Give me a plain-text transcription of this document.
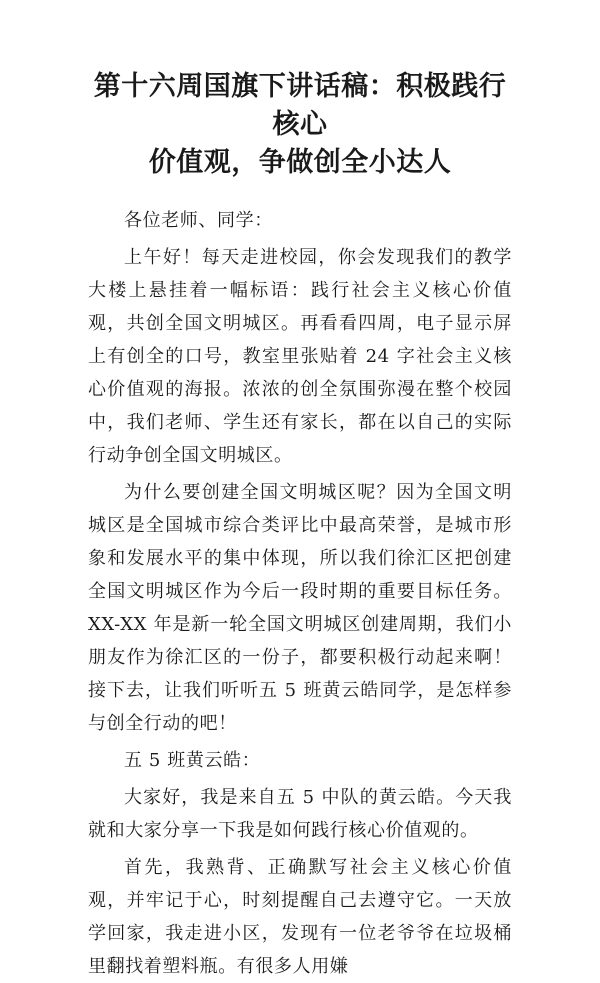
第十六周国旗下讲话稿：积极践行核心
价值观，争做创全小达人

各位老师、同学：

上午好！每天走进校园，你会发现我们的教学大楼上悬挂着一幅标语：践行社会主义核心价值观，共创全国文明城区。再看看四周，电子显示屏上有创全的口号，教室里张贴着 24 字社会主义核心价值观的海报。浓浓的创全氛围弥漫在整个校园中，我们老师、学生还有家长，都在以自己的实际行动争创全国文明城区。

为什么要创建全国文明城区呢？因为全国文明城区是全国城市综合类评比中最高荣誉，是城市形象和发展水平的集中体现，所以我们徐汇区把创建全国文明城区作为今后一段时期的重要目标任务。XX-XX 年是新一轮全国文明城区创建周期，我们小朋友作为徐汇区的一份子，都要积极行动起来啊！接下去，让我们听听五 5 班黄云皓同学，是怎样参与创全行动的吧！

五 5 班黄云皓：

大家好，我是来自五 5 中队的黄云皓。今天我就和大家分享一下我是如何践行核心价值观的。

首先，我熟背、正确默写社会主义核心价值观，并牢记于心，时刻提醒自己去遵守它。一天放学回家，我走进小区，发现有一位老爷爷在垃圾桶里翻找着塑料瓶。有很多人用嫌
